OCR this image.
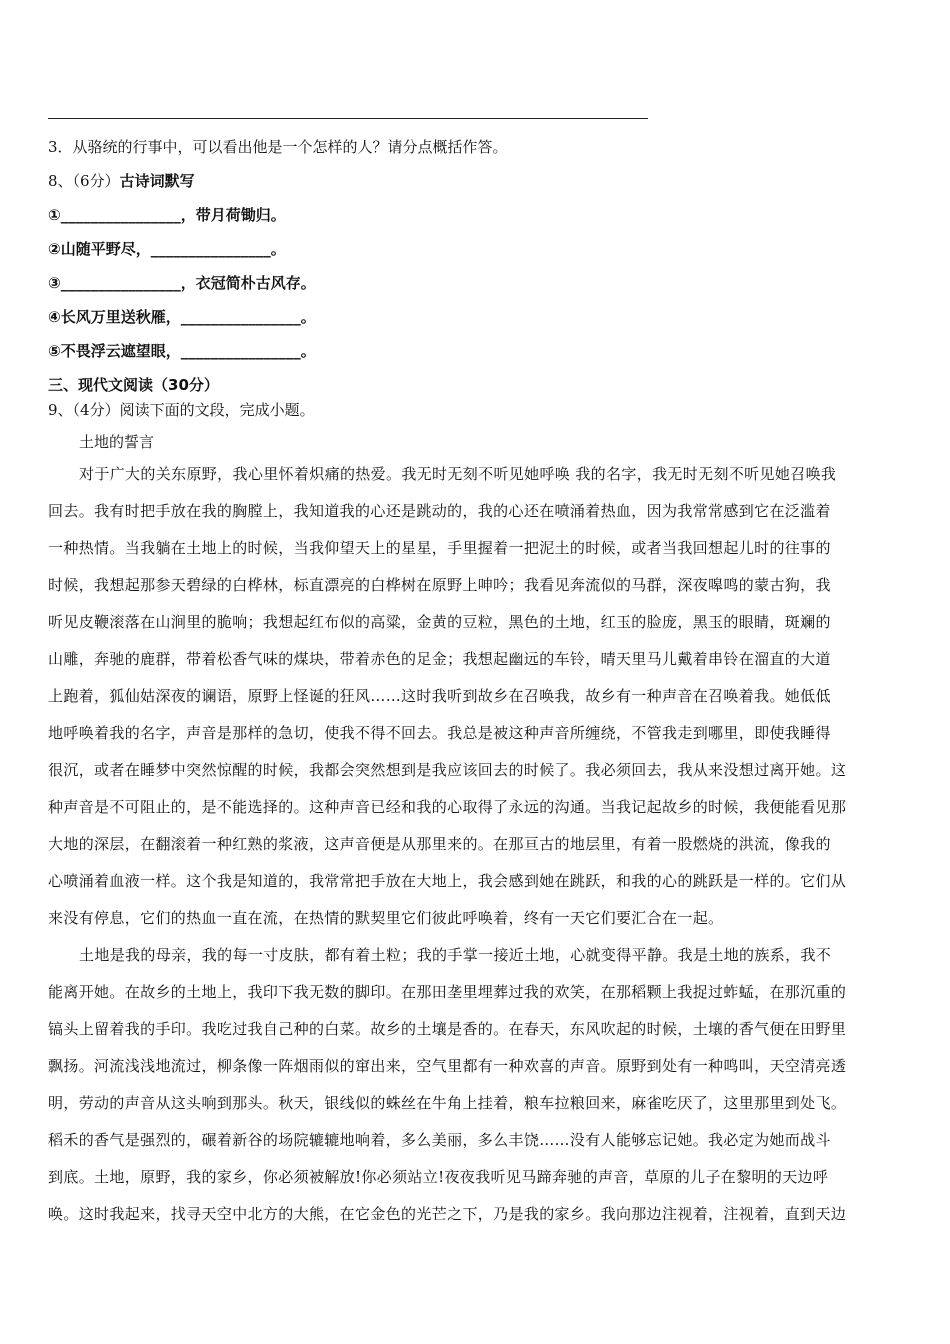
3．从骆统的行事中，可以看出他是一个怎样的人？请分点概括作答。
8、（6分）古诗词默写
①________________，带月荷锄归。
②山随平野尽，________________。
③________________，衣冠简朴古风存。
④长风万里送秋雁，________________。
⑤不畏浮云遮望眼，________________。
三、现代文阅读（30分）
9、（4分）阅读下面的文段，完成小题。
土地的誓言
对于广大的关东原野，我心里怀着炽痛的热爱。我无时无刻不听见她呼唤 我的名字，我无时无刻不听见她召唤我
回去。我有时把手放在我的胸膛上，我知道我的心还是跳动的，我的心还在喷涌着热血，因为我常常感到它在泛滥着
一种热情。当我躺在土地上的时候，当我仰望天上的星星，手里握着一把泥土的时候，或者当我回想起儿时的往事的
时候，我想起那参天碧绿的白桦林，标直漂亮的白桦树在原野上呻吟；我看见奔流似的马群，深夜嗥鸣的蒙古狗，我
听见皮鞭滚落在山涧里的脆响；我想起红布似的高粱，金黄的豆粒，黑色的土地，红玉的脸庞，黑玉的眼睛，斑斓的
山雕，奔驰的鹿群，带着松香气味的煤块，带着赤色的足金；我想起幽远的车铃，晴天里马儿戴着串铃在溜直的大道
上跑着，狐仙姑深夜的谰语，原野上怪诞的狂风……这时我听到故乡在召唤我，故乡有一种声音在召唤着我。她低低
地呼唤着我的名字，声音是那样的急切，使我不得不回去。我总是被这种声音所缠绕，不管我走到哪里，即使我睡得
很沉，或者在睡梦中突然惊醒的时候，我都会突然想到是我应该回去的时候了。我必须回去，我从来没想过离开她。这
种声音是不可阻止的，是不能选择的。这种声音已经和我的心取得了永远的沟通。当我记起故乡的时候，我便能看见那
大地的深层，在翻滚着一种红熟的浆液，这声音便是从那里来的。在那亘古的地层里，有着一股燃烧的洪流，像我的
心喷涌着血液一样。这个我是知道的，我常常把手放在大地上，我会感到她在跳跃，和我的心的跳跃是一样的。它们从
来没有停息，它们的热血一直在流，在热情的默契里它们彼此呼唤着，终有一天它们要汇合在一起。
土地是我的母亲，我的每一寸皮肤，都有着土粒；我的手掌一接近土地，心就变得平静。我是土地的族系，我不
能离开她。在故乡的土地上，我印下我无数的脚印。在那田垄里埋葬过我的欢笑，在那稻颗上我捉过蚱蜢，在那沉重的
镐头上留着我的手印。我吃过我自己种的白菜。故乡的土壤是香的。在春天，东风吹起的时候，土壤的香气便在田野里
飘扬。河流浅浅地流过，柳条像一阵烟雨似的窜出来，空气里都有一种欢喜的声音。原野到处有一种鸣叫，天空清亮透
明，劳动的声音从这头响到那头。秋天，银线似的蛛丝在牛角上挂着，粮车拉粮回来，麻雀吃厌了，这里那里到处飞。
稻禾的香气是强烈的，碾着新谷的场院辘辘地响着，多么美丽，多么丰饶……没有人能够忘记她。我必定为她而战斗
到底。土地，原野，我的家乡，你必须被解放!你必须站立!夜夜我听见马蹄奔驰的声音，草原的儿子在黎明的天边呼
唤。这时我起来，找寻天空中北方的大熊，在它金色的光芒之下，乃是我的家乡。我向那边注视着，注视着，直到天边
